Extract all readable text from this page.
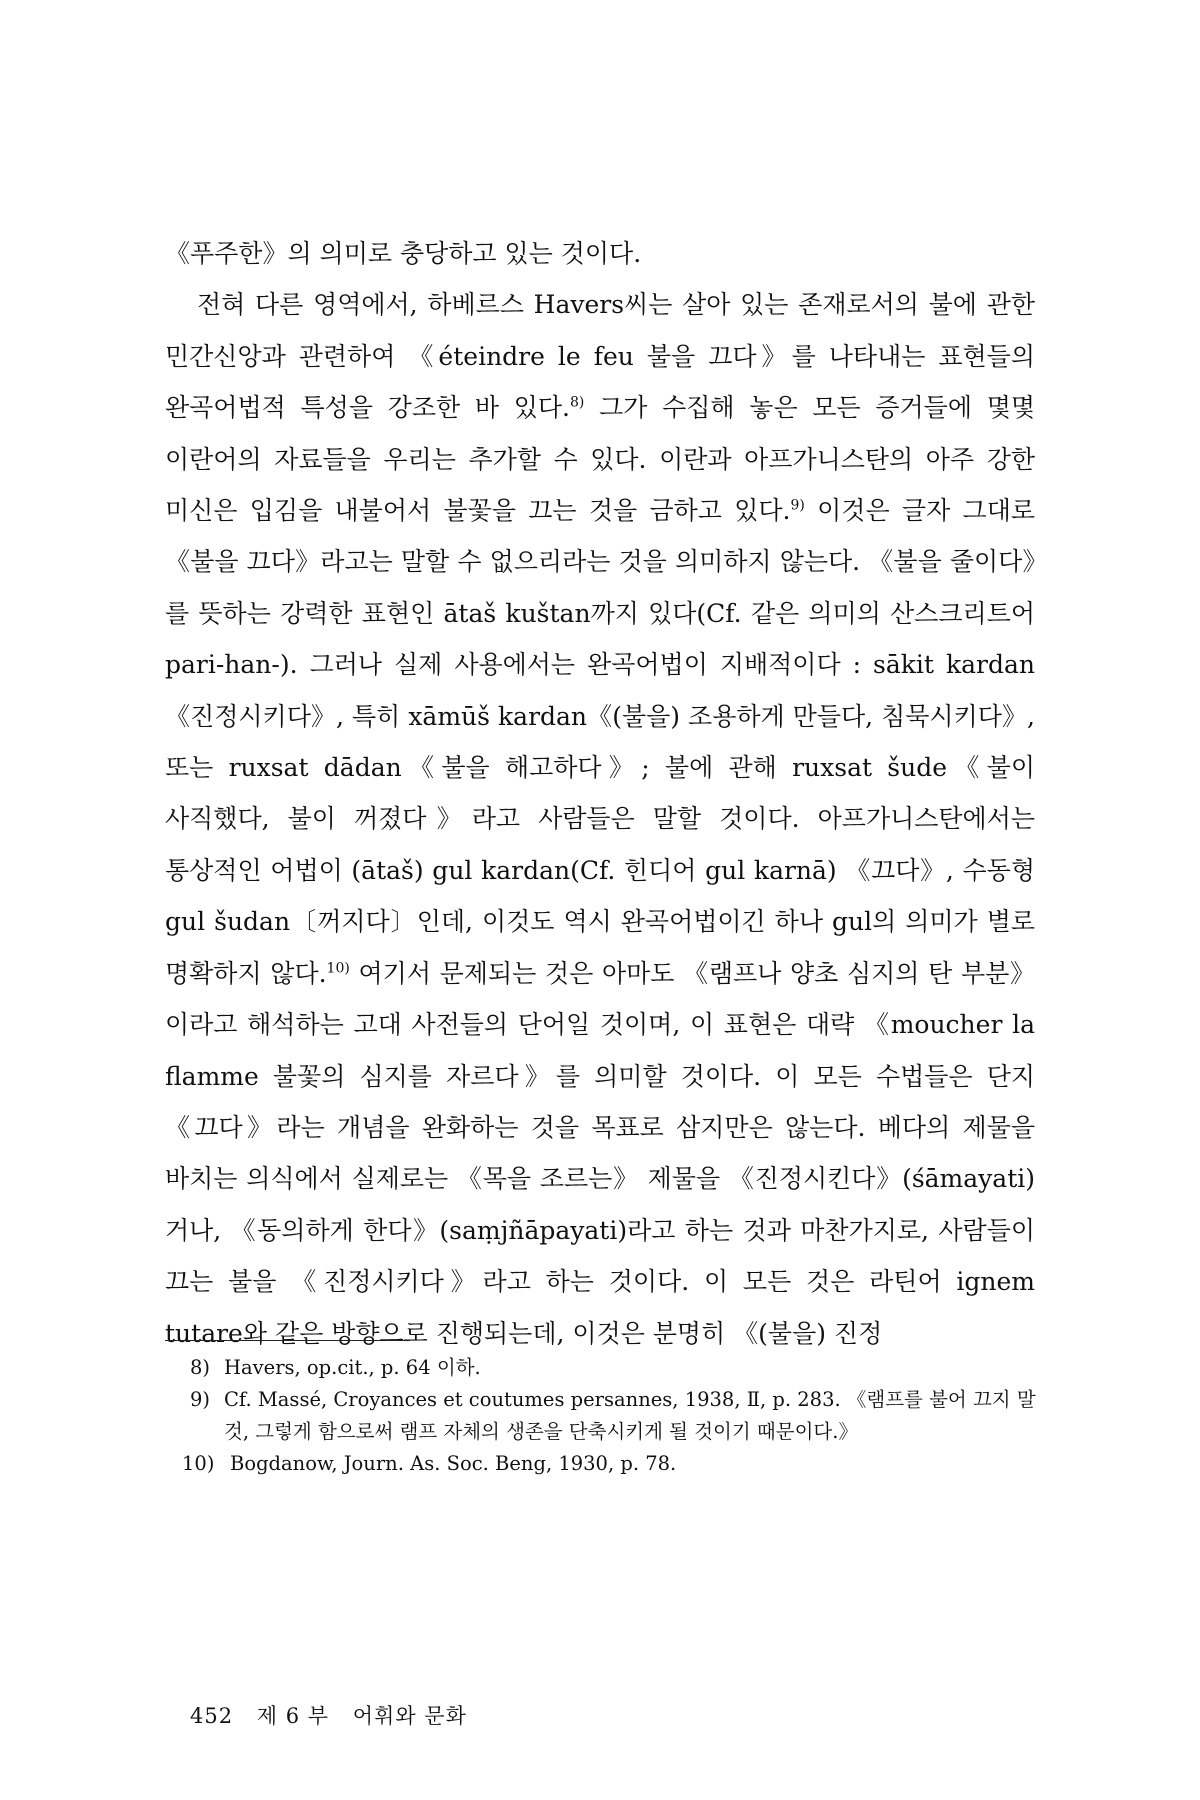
《푸주한》의 의미로 충당하고 있는 것이다.

전혀 다른 영역에서, 하베르스 Havers씨는 살아 있는 존재로서의 불에 관한 민간신앙과 관련하여 《éteindre le feu 불을 끄다》를 나타내는 표현들의 완곡어법적 특성을 강조한 바 있다.$^{8)}$ 그가 수집해 놓은 모든 증거들에 몇몇 이란어의 자료들을 우리는 추가할 수 있다. 이란과 아프가니스탄의 아주 강한 미신은 입김을 내불어서 불꽃을 끄는 것을 금하고 있다.$^{9)}$ 이것은 글자 그대로 《불을 끄다》라고는 말할 수 없으리라는 것을 의미하지 않는다. 《불을 줄이다》를 뜻하는 강력한 표현인 ātaš kuštan까지 있다(Cf. 같은 의미의 산스크리트어 pari-han-). 그러나 실제 사용에서는 완곡어법이 지배적이다 : sākit kardan《진정시키다》, 특히 xāmūš kardan《(불을) 조용하게 만들다, 침묵시키다》, 또는 ruxsat dādan《불을 해고하다》; 불에 관해 ruxsat šude《불이 사직했다, 불이 꺼졌다》라고 사람들은 말할 것이다. 아프가니스탄에서는 통상적인 어법이 (ātaš) gul kardan(Cf. 힌디어 gul karnā) 《끄다》, 수동형 gul šudan〔꺼지다〕인데, 이것도 역시 완곡어법이긴 하나 gul의 의미가 별로 명확하지 않다.$^{10)}$ 여기서 문제되는 것은 아마도 《램프나 양초 심지의 탄 부분》이라고 해석하는 고대 사전들의 단어일 것이며, 이 표현은 대략 《moucher la flamme 불꽃의 심지를 자르다》를 의미할 것이다. 이 모든 수법들은 단지 《끄다》라는 개념을 완화하는 것을 목표로 삼지만은 않는다. 베다의 제물을 바치는 의식에서 실제로는 《목을 조르는》 제물을 《진정시킨다》(śāmayati)거나, 《동의하게 한다》(saṃjñāpayati)라고 하는 것과 마찬가지로, 사람들이 끄는 불을 《진정시키다》라고 하는 것이다. 이 모든 것은 라틴어 ignem tutare와 같은 방향으로 진행되는데, 이것은 분명히 《(불을) 진정

8) Havers, op.cit., p. 64 이하.

9) Cf. Massé, Croyances et coutumes persannes, 1938, Ⅱ, p. 283. 《램프를 불어 끄지 말 것, 그렇게 함으로써 램프 자체의 생존을 단축시키게 될 것이기 때문이다.》

10) Bogdanow, Journ. As. Soc. Beng, 1930, p. 78.

452 제 6 부 어휘와 문화
